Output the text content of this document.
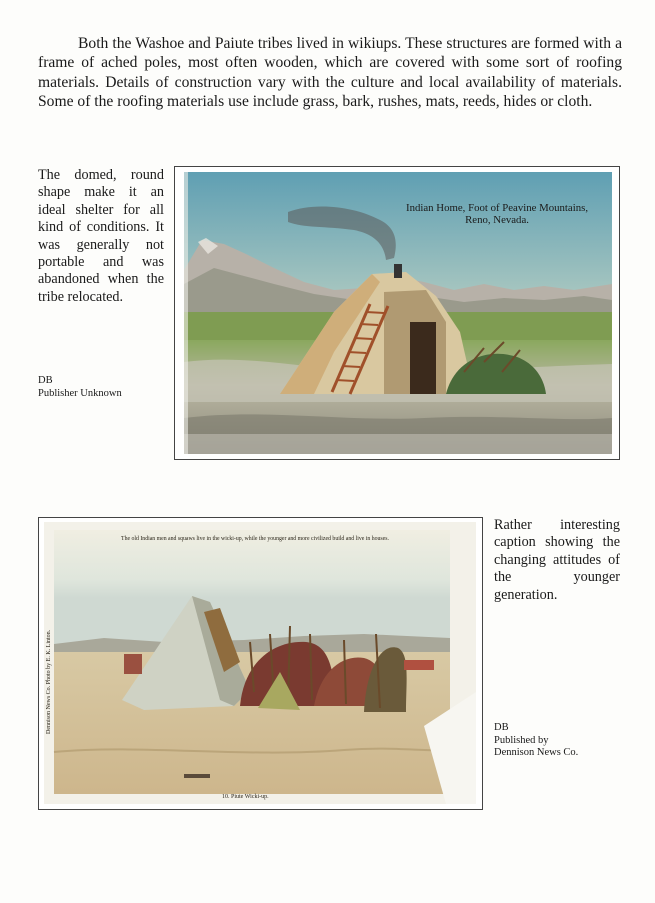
Both the Washoe and Paiute tribes lived in wikiups. These structures are formed with a frame of ached poles, most often wooden, which are covered with some sort of roofing materials. Details of construction vary with the culture and local availability of materials. Some of the roofing materials use include grass, bark, rushes, mats, reeds, hides or cloth.

The domed, round shape make it an ideal shelter for all kind of conditions. It was generally not portable and was abandoned when the tribe relocated.

DB
Publisher Unknown
Indian Home, Foot of Peavine Mountains,
Reno, Nevada.
The old Indian men and squaws live in the wicki-up, while the younger and more civilized build and live in houses.
10. Piute Wicki-up.
Dennison News Co. Photo by E. K. Linton.

Rather interesting caption showing the changing attitudes of the younger generation.

DB
Published by
Dennison News Co.
